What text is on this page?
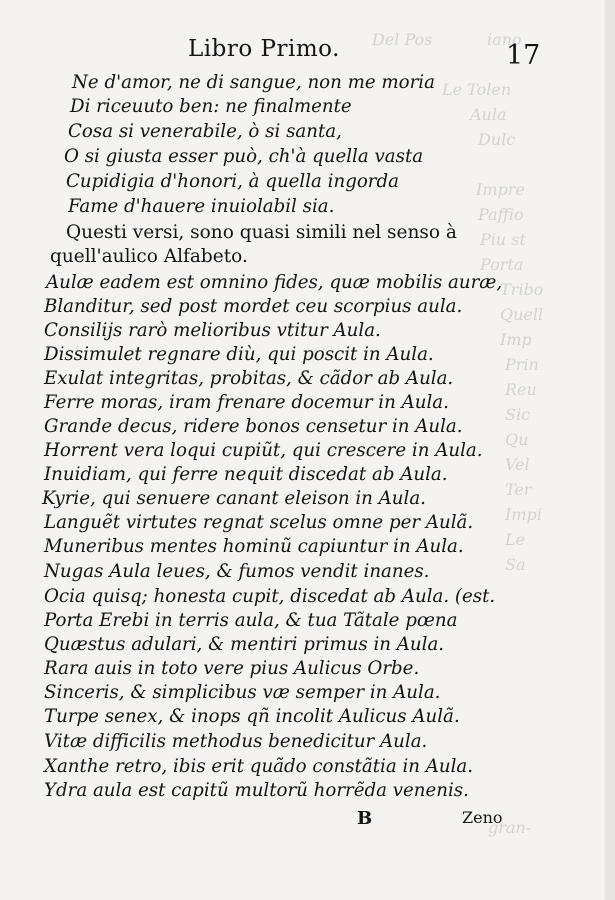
Del Pos	iano
Le Tolen
Aula
Dulc
Impre
Paffio
Piu st
Porta
Tribo
Quell
Imp
Prin
Reu
Sic
Qu
Vel
Ter
Impi
Le
Sa
gran-
Libro Primo.	17
Ne d'amor, ne di sangue, non me moria
Di riceuuto ben: ne finalmente
Cosa si venerabile, ò si santa,
O si giusta esser può, ch'à quella vasta
Cupidigia d'honori, à quella ingorda
Fame d'hauere inuiolabil sia.
Questi versi, sono quasi simili nel senso à
quell'aulico Alfabeto.
Aulæ eadem est omnino fides, quæ mobilis auræ,
Blanditur, sed post mordet ceu scorpius aula.
Consilijs rarò melioribus vtitur Aula.
Dissimulet regnare diù, qui poscit in Aula.
Exulat integritas, probitas, & cãdor ab Aula.
Ferre moras, iram frenare docemur in Aula.
Grande decus, ridere bonos censetur in Aula.
Horrent vera loqui cupiũt, qui crescere in Aula.
Inuidiam, qui ferre nequit discedat ab Aula.
Kyrie, qui senuere canant eleison in Aula.
Languẽt virtutes regnat scelus omne per Aulã.
Muneribus mentes hominũ capiuntur in Aula.
Nugas Aula leues, & fumos vendit inanes.
Ocia quisq; honesta cupit, discedat ab Aula. (est.
Porta Erebi in terris aula, & tua Tãtale pœna
Quæstus adulari, & mentiri primus in Aula.
Rara auis in toto vere pius Aulicus Orbe.
Sinceris, & simplicibus væ semper in Aula.
Turpe senex, & inops qñ incolit Aulicus Aulã.
Vitæ difficilis methodus benedicitur Aula.
Xanthe retro, ibis erit quãdo constãtia in Aula.
Ydra aula est capitũ multorũ horrẽda venenis.
B	Zeno
